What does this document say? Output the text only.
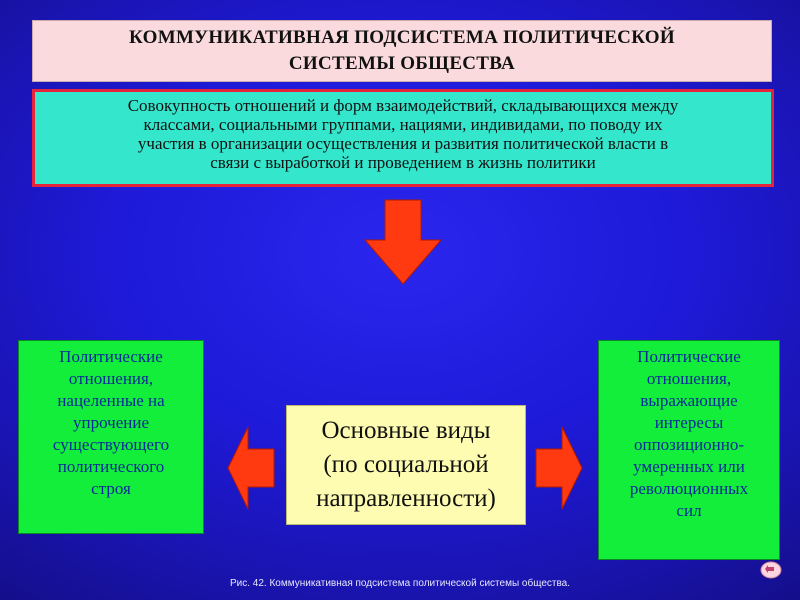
КОММУНИКАТИВНАЯ ПОДСИСТЕМА ПОЛИТИЧЕСКОЙ
СИСТЕМЫ ОБЩЕСТВА
Совокупность отношений и форм взаимодействий, складывающихся между
классами, социальными группами, нациями, индивидами, по поводу их
участия в организации осуществления и развития политической власти в
связи с выработкой и проведением в жизнь политики
Политические
отношения,
нацеленные на
упрочение
существующего
политического
строя
Политические
отношения,
выражающие
интересы
оппозиционно-
умеренных или
революционных
сил
Основные виды
(по социальной
направленности)
Рис. 42. Коммуникативная подсистема политической системы общества.
